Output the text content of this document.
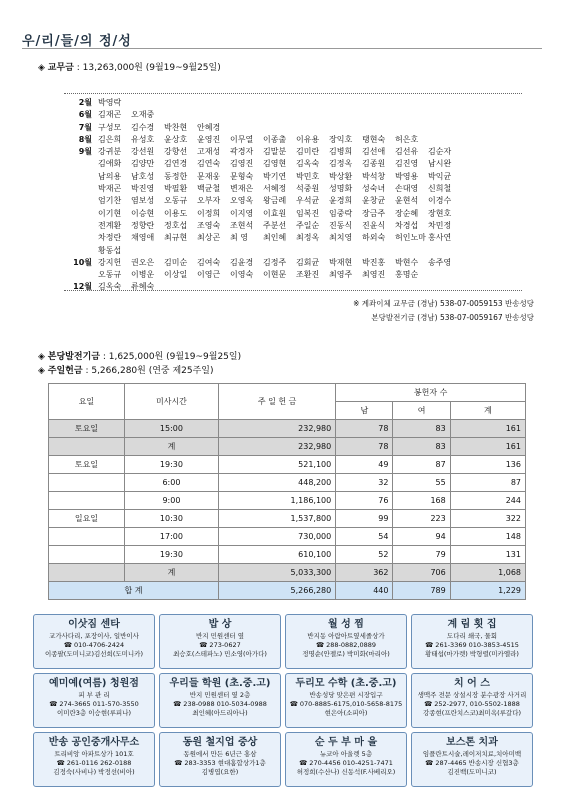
우/리/들/의 정/성
◈ 교무금 : 13,263,000원 (9월19~9월25일)
2월 박영락
6월 김재곤	오재중
7월 구성모	김수경	박찬현	안혜경
8월 김은희	유성호	윤상호	윤영진	이무열	이종출	이유용	장익호	탱현숙	허은호
9월 강귀분	강선원	강향선	고재성	곽경자	김말분	김미란	김병희	김선애	김선유	김순자
김애화	김양만	김연경	김연숙	김영진	김영현	김옥숙	김정옥	김종원	김진영	남시완
남의용	남호성	동정한	문재웅	문형숙	박기연	박민호	박상환	박석창	박영용	박익균
박재곤	박진영	박필환	백균철	변재은	서혜정	석중원	성명화	성숙녀	손대영	신희철
엄기찬	염보성	오동규	오부자	오영옥	왕금례	우석균	윤경희	윤창균	윤현석	이경수
이기현	이승현	이용도	이정희	이지영	이효원	임복진	임중락	장금주	장순혜	장현호
전계환	정향란	정호섭	조영숙	조현석	주분선	주일순	진동식	진윤식	차경섭	차민정
차정란	채영애	최규현	최상곤	최 영	최인혜	최정옥	최치영	하외숙	허인노마 홍사연
황동섭
10월 강지헌	권오은	김미순	김여숙	김윤경	김정주	김회균	박재현	박진홍	박현수	송주영
오동규	이병운	이상일	이영근	이영숙	이현문	조환진	최영주	최영진	홍명순
12월 김옥숙	류혜숙
※ 계좌이체 교무금 (경남) 538-07-0059153 반송성당
본당발전기금 (경남) 538-07-0059167 반송성당
◈ 본당발전기금 : 1,625,000원 (9월19~9월25일)
◈ 주일헌금 : 5,266,280원 (연중 제25주일)
요일	미사시간	주 일 헌 금	봉헌자 수		
			남	여	계
토요일	15:00	232,980	78	83	161
	계	232,980	78	83	161
토요일	19:30	521,100	49	87	136
	6:00	448,200	32	55	87
	9:00	1,186,100	76	168	244
일요일	10:30	1,537,800	99	223	322
	17:00	730,000	54	94	148
	19:30	610,100	52	79	131
	계	5,033,300	362	706	1,068
합 계		5,266,280	440	789	1,229
이삿짐 센타
교가사다리, 포장이사, 일반이사
☎ 010-4706-2424
이종팔(도미니코)김선희(도미니카)
밥 상
반지 민원센터 옆
☎ 273-0627
최승호(스테파노) 민소영(아가다)
월 성 찜
반지동 아람아트옆세졸상가
☎ 288-0882,0889
정명순(안젤로) 박미화(마리아)
계 림 횟 집
도다리 쇄국, 물회
☎ 261-3369 010-3853-4515
황태섭(마가렛) 박형렬(미카엘라)
예미예(여름) 청원점
피 부 관 리
☎ 274-3665 011-570-3550
이미란3층 이승현(루피나)
우리들 학원 (초.중.고)
반지 민원센터 옆 2층
☎ 238-0988 010-5034-0988
최인혜(아드리아나)
두리모 수학 (초.중.고)
반송성당 맞은편 시장입구
☎ 070-8885-6175,010-5658-8175
현은아(소피아)
치 어 스
생맥주 전문 상설시장 분수광장 사거리
☎ 252-2977, 010-5502-1888
강종현(프란치스코)최미옥(루갈다)
반송 공인중개사무소
트리비앙 아파트상가 101호
☎ 261-0116 262-0188
김정숙(사비나) 박정선(비아)
동원 철지업 중상
동원에서 만든 6년근 홍삼
☎ 283-3353 현대홈합상가1층
김병엽(요한)
순 두 부 마 을
뉴코아 아울렛 5층
☎ 270-4456 010-4251-7471
허정희(수산나) 신동석(F.사베리오)
보스톤 치과
임플란트시술,레이저치료,치아미백
☎ 287-4465 반송시장 신협3층
김진백(도미니코)
